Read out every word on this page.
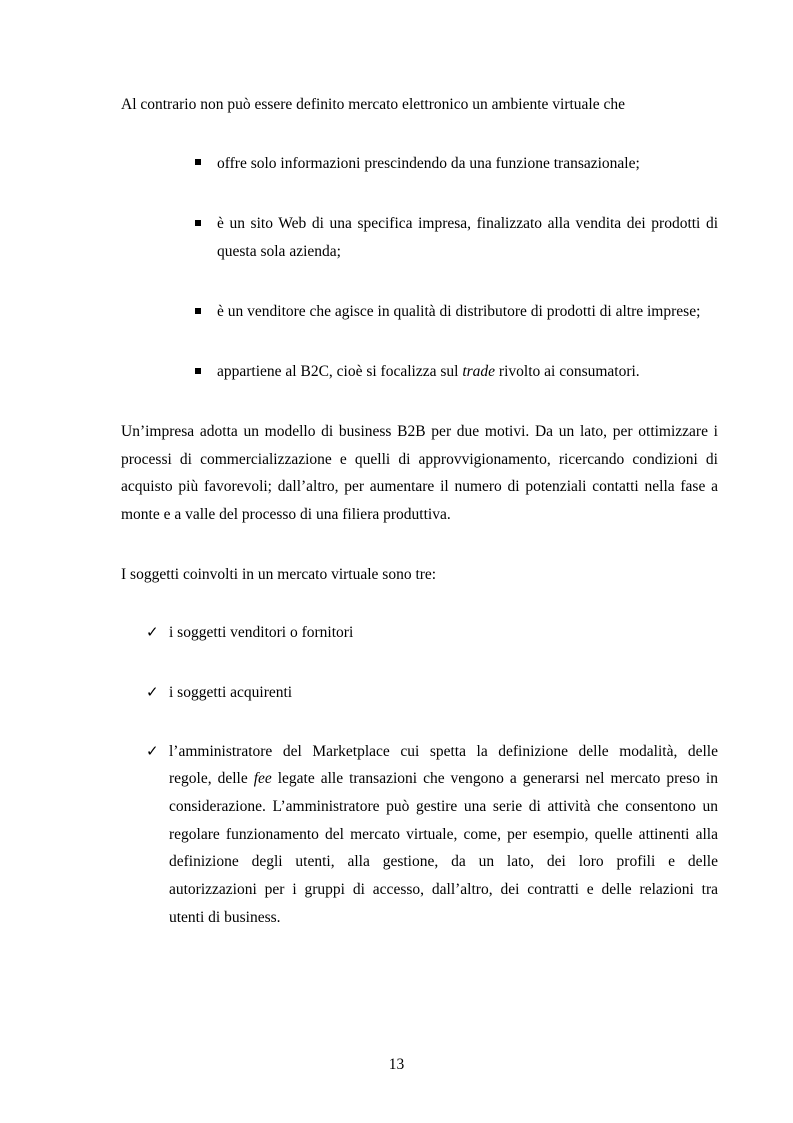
Al contrario non può essere definito mercato elettronico un ambiente virtuale che
offre solo informazioni prescindendo da una funzione transazionale;
è un sito Web di una specifica impresa, finalizzato alla vendita dei prodotti di
questa sola azienda;
è un venditore che agisce in qualità di distributore di prodotti di altre imprese;
appartiene al B2C, cioè si focalizza sul trade rivolto ai consumatori.
Un’impresa adotta un modello di business B2B per due motivi. Da un lato, per ottimizzare i
processi di commercializzazione e quelli di approvvigionamento, ricercando condizioni di
acquisto più favorevoli; dall’altro, per aumentare il numero di potenziali contatti nella fase a
monte e a valle del processo di una filiera produttiva.
I soggetti coinvolti in un mercato virtuale sono tre:
✓ i soggetti venditori o fornitori
✓ i soggetti acquirenti
✓ l’amministratore del Marketplace cui spetta la definizione delle modalità, delle
regole, delle fee legate alle transazioni che vengono a generarsi nel mercato preso in
considerazione. L’amministratore può gestire una serie di attività che consentono un
regolare funzionamento del mercato virtuale, come, per esempio, quelle attinenti alla
definizione degli utenti, alla gestione, da un lato, dei loro profili e delle
autorizzazioni per i gruppi di accesso, dall’altro, dei contratti e delle relazioni tra
utenti di business.
13
